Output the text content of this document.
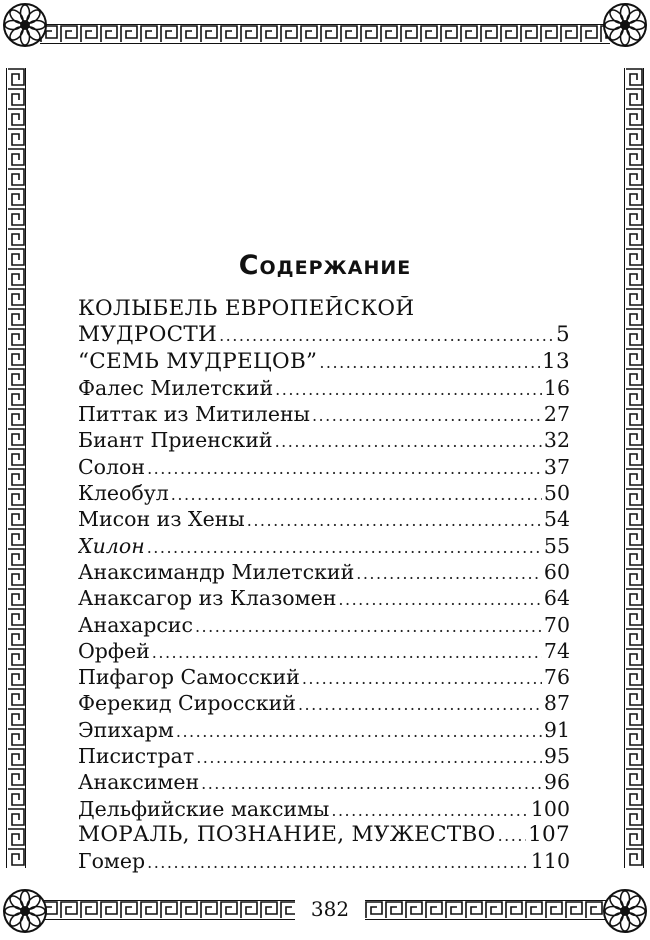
Содержание
КОЛЫБЕЛЬ ЕВРОПЕЙСКОЙ
МУДРОСТИ .....	5
“СЕМЬ МУДРЕЦОВ” .....	13
Фалес Милетский .....	16
Питтак из Митилены .....	27
Биант Приенский .....	32
Солон .....	37
Клеобул .....	50
Мисон из Хены .....	54
Хилон .....	55
Анаксимандр Милетский .....	60
Анаксагор из Клазомен .....	64
Анахарсис .....	70
Орфей .....	74
Пифагор Самосский .....	76
Ферекид Сиросский .....	87
Эпихарм .....	91
Писистрат .....	95
Анаксимен .....	96
Дельфийские максимы .....	100
МОРАЛЬ, ПОЗНАНИЕ, МУЖЕСТВО ..... 107
Гомер .....	110
382
